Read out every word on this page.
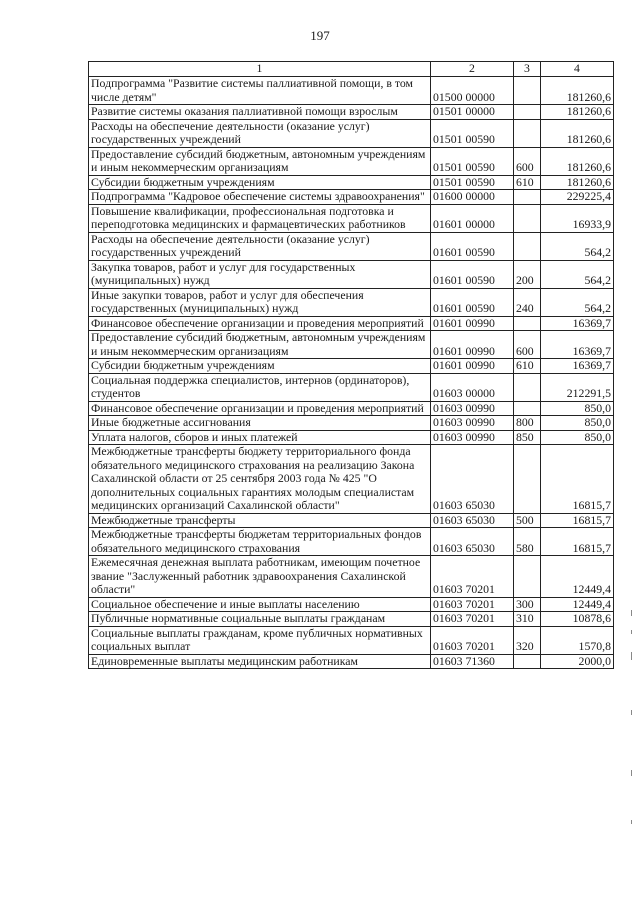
197
1	2	3	4
Подпрограмма "Развитие системы паллиативной помощи, в том числе детям"	01500 00000		181260,6
Развитие системы оказания паллиативной помощи взрослым	01501 00000		181260,6
Расходы на обеспечение деятельности (оказание услуг) государственных учреждений	01501 00590		181260,6
Предоставление субсидий бюджетным, автономным учреждениям и иным некоммерческим организациям	01501 00590	600	181260,6
Субсидии бюджетным учреждениям	01501 00590	610	181260,6
Подпрограмма "Кадровое обеспечение системы здравоохранения"	01600 00000		229225,4
Повышение квалификации, профессиональная подготовка и переподготовка медицинских и фармацевтических работников	01601 00000		16933,9
Расходы на обеспечение деятельности (оказание услуг) государственных учреждений	01601 00590		564,2
Закупка товаров, работ и услуг для государственных (муниципальных) нужд	01601 00590	200	564,2
Иные закупки товаров, работ и услуг для обеспечения государственных (муниципальных) нужд	01601 00590	240	564,2
Финансовое обеспечение организации и проведения мероприятий	01601 00990		16369,7
Предоставление субсидий бюджетным, автономным учреждениям и иным некоммерческим организациям	01601 00990	600	16369,7
Субсидии бюджетным учреждениям	01601 00990	610	16369,7
Социальная поддержка специалистов, интернов (ординаторов), студентов	01603 00000		212291,5
Финансовое обеспечение организации и проведения мероприятий	01603 00990		850,0
Иные бюджетные ассигнования	01603 00990	800	850,0
Уплата налогов, сборов и иных платежей	01603 00990	850	850,0
Межбюджетные трансферты бюджету территориального фонда обязательного медицинского страхования на реализацию Закона Сахалинской области от 25 сентября 2003 года № 425 "О дополнительных социальных гарантиях молодым специалистам медицинских организаций Сахалинской области"	01603 65030		16815,7
Межбюджетные трансферты	01603 65030	500	16815,7
Межбюджетные трансферты бюджетам территориальных фондов обязательного медицинского страхования	01603 65030	580	16815,7
Ежемесячная денежная выплата работникам, имеющим почетное звание "Заслуженный работник здравоохранения Сахалинской области"	01603 70201		12449,4
Социальное обеспечение и иные выплаты населению	01603 70201	300	12449,4
Публичные нормативные социальные выплаты гражданам	01603 70201	310	10878,6
Социальные выплаты гражданам, кроме публичных нормативных социальных выплат	01603 70201	320	1570,8
Единовременные выплаты медицинским работникам	01603 71360		2000,0
